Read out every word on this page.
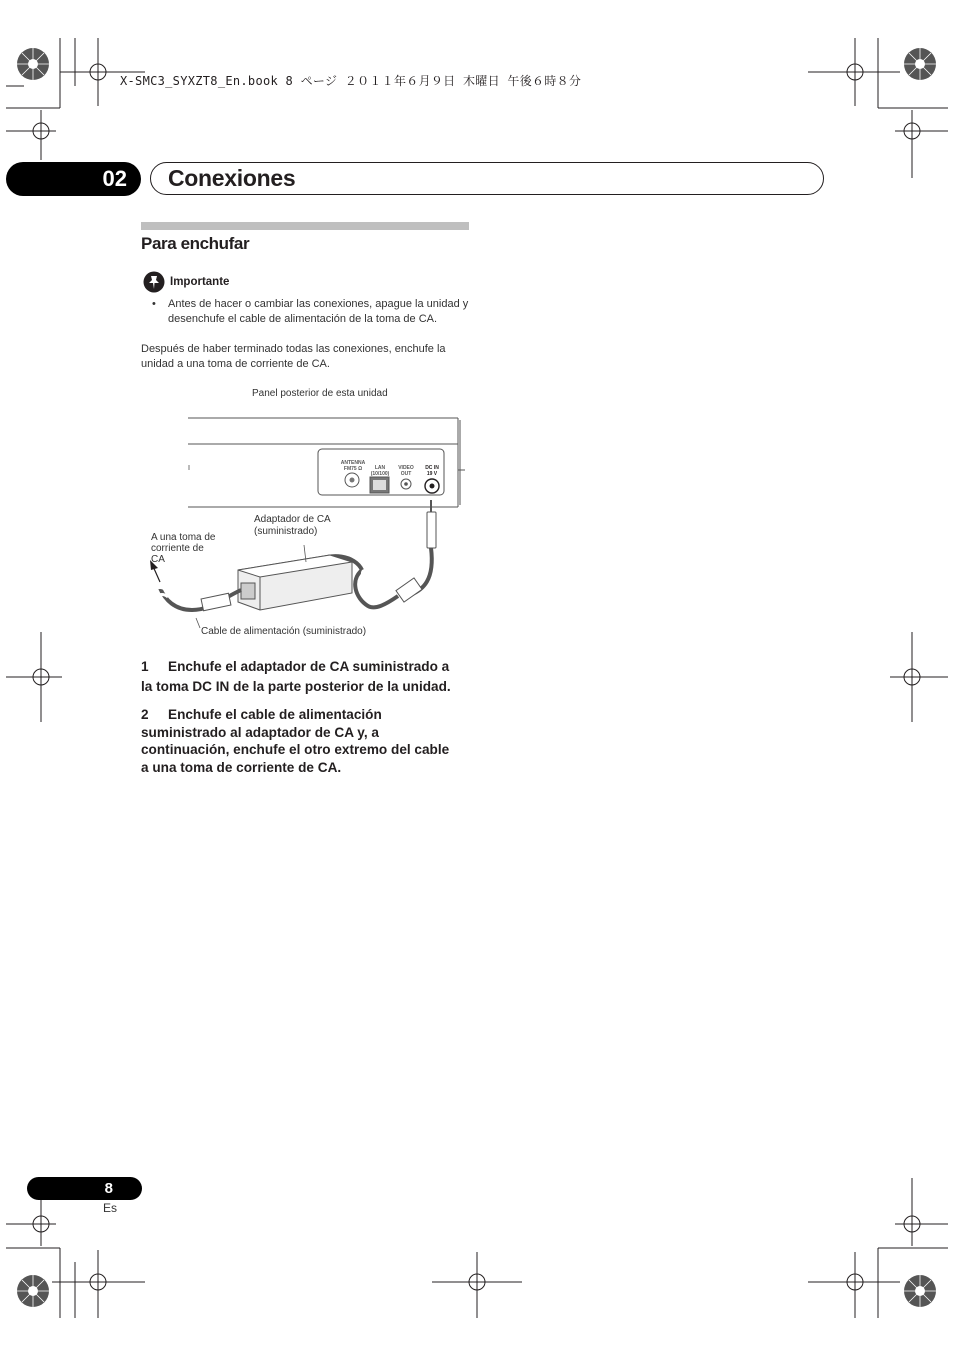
X-SMC3_SYXZT8_En.book 8 ページ ２０１１年６月９日 木曜日 午後６時８分
02	Conexiones
Para enchufar
Importante
• Antes de hacer o cambiar las conexiones, apague la unidad y desenchufe el cable de alimentación de la toma de CA.
Después de haber terminado todas las conexiones, enchufe la unidad a una toma de corriente de CA.
Panel posterior de esta unidad
ANTENNA FM75 Ω	LAN (10/100)
VIDEO OUT
DC IN 19 V
Adaptador de CA
(suministrado)
A una toma de
corriente de
CA
Cable de alimentación (suministrado)
1 Enchufe el adaptador de CA suministrado a
la toma DC IN de la parte posterior de la unidad.
2 Enchufe el cable de alimentación
suministrado al adaptador de CA y, a
continuación, enchufe el otro extremo del cable
a una toma de corriente de CA.
8
Es
